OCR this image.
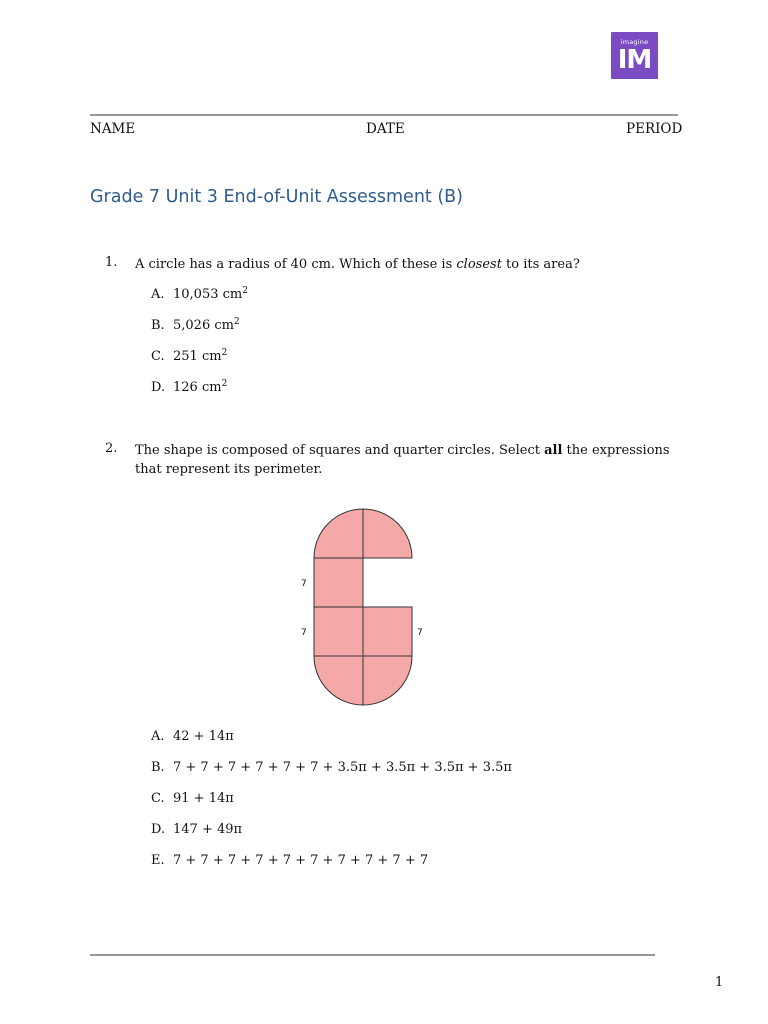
imagine
IM
NAME	DATE	PERIOD
Grade 7 Unit 3 End-of-Unit Assessment (B)
1. A circle has a radius of 40 cm. Which of these is closest to its area?
A. 10,053 $cm^2$
B. 5,026 $cm^2$
C. 251 $cm^2$
D. 126 $cm^2$
2. The shape is composed of squares and quarter circles. Select all the expressions that represent its perimeter.
7
7	7
A. 42 + 14π
B. 7 + 7 + 7 + 7 + 7 + 7 + 3.5π + 3.5π + 3.5π + 3.5π
C. 91 + 14π
D. 147 + 49π
E. 7 + 7 + 7 + 7 + 7 + 7 + 7 + 7 + 7 + 7
1
